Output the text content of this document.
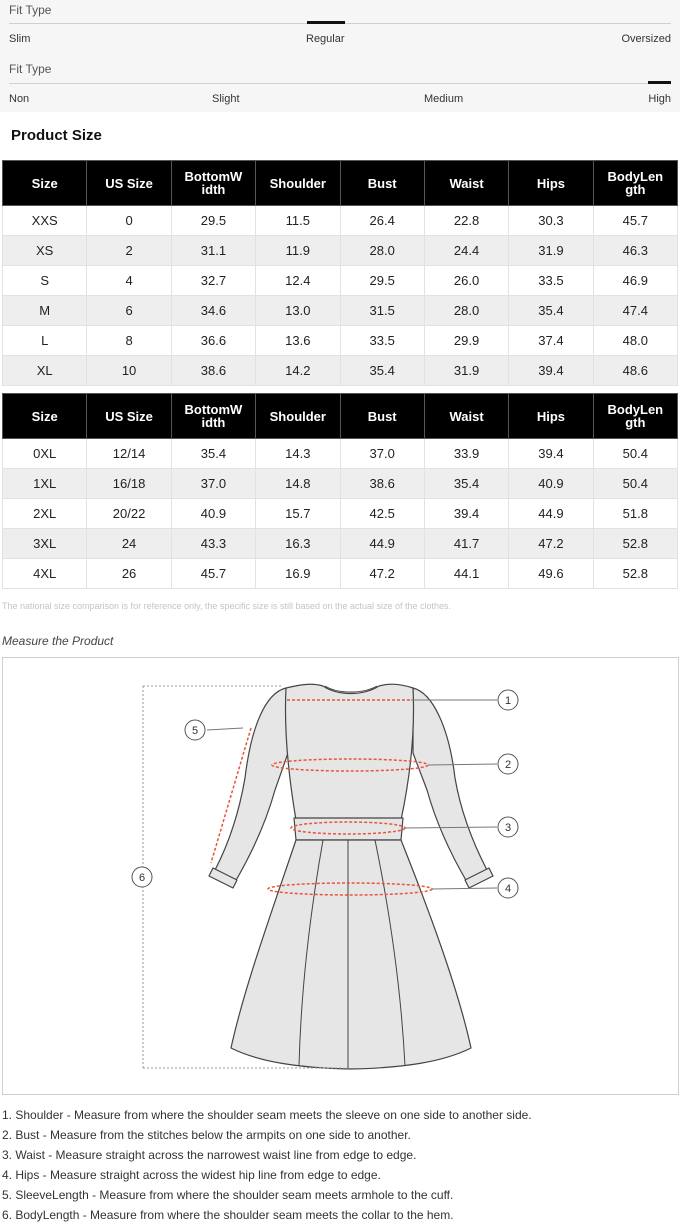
Fit Type
Slim	Regular	Oversized
Fit Type
Non	Slight	Medium	High
Product Size
Size	US Size	BottomW idth	Shoulder	Bust	Waist	Hips	BodyLen gth
XXS	0	29.5	11.5	26.4	22.8	30.3	45.7
XS	2	31.1	11.9	28.0	24.4	31.9	46.3
S	4	32.7	12.4	29.5	26.0	33.5	46.9
M	6	34.6	13.0	31.5	28.0	35.4	47.4
L	8	36.6	13.6	33.5	29.9	37.4	48.0
XL	10	38.6	14.2	35.4	31.9	39.4	48.6
Size	US Size	BottomW idth	Shoulder	Bust	Waist	Hips	BodyLen gth
0XL	12/14	35.4	14.3	37.0	33.9	39.4	50.4
1XL	16/18	37.0	14.8	38.6	35.4	40.9	50.4
2XL	20/22	40.9	15.7	42.5	39.4	44.9	51.8
3XL	24	43.3	16.3	44.9	41.7	47.2	52.8
4XL	26	45.7	16.9	47.2	44.1	49.6	52.8
The national size comparison is for reference only, the specific size is still based on the actual size of the clothes.
Measure the Product
1
2
3
4
5
6
1. Shoulder - Measure from where the shoulder seam meets the sleeve on one side to another side.
2. Bust - Measure from the stitches below the armpits on one side to another.
3. Waist - Measure straight across the narrowest waist line from edge to edge.
4. Hips - Measure straight across the widest hip line from edge to edge.
5. SleeveLength - Measure from where the shoulder seam meets armhole to the cuff.
6. BodyLength - Measure from where the shoulder seam meets the collar to the hem.
